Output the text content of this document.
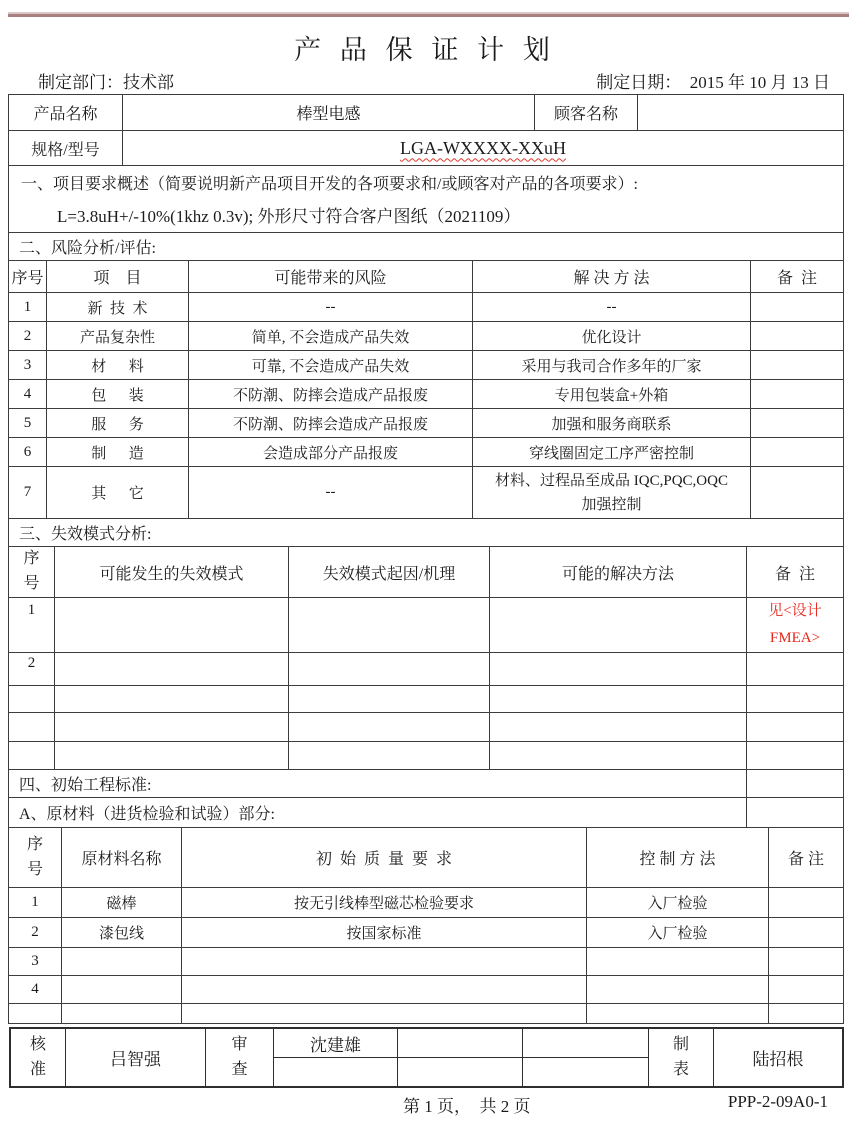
产 品 保 证 计 划
制定部门：技术部	制定日期：  2015 年 10 月 13 日
产品名称	棒型电感	顾客名称	
规格/型号	LGA-WXXXX-XXuH		
一、项目要求概述（简要说明新产品项目开发的各项要求和/或顾客对产品的各项要求）:
L=3.8uH+/-10%(1khz 0.3v); 外形尺寸符合客户图纸（2021109）
二、风险分析/评估:
序号	项    目	可能带来的风险	解 决 方 法	备  注
1	新  技  术	--	--	
2	产品复杂性	简单, 不会造成产品失效	优化设计	
3	材      料	可靠, 不会造成产品失效	采用与我司合作多年的厂家	
4	包      装	不防潮、防摔会造成产品报废	专用包装盒+外箱	
5	服      务	不防潮、防摔会造成产品报废	加强和服务商联系	
6	制      造	会造成部分产品报废	穿线圈固定工序严密控制	
7	其      它	--	材料、过程品至成品 IQC,PQC,OQC
加强控制	

三、失效模式分析:
序号	可能发生的失效模式	失效模式起因/机理	可能的解决方法	备  注
1				见<设计
FMEA>

2				

四、初始工程标准:	
A、原材料（进货检验和试验）部分:	
序号	原材料名称	初  始  质  量  要  求	控 制 方 法	备 注
1	磁棒	按无引线棒型磁芯检验要求	入厂检验	
2	漆包线	按国家标准	入厂检验	
3				
4				

核准	吕智强	审查	沈建雄			制表	陆招根

第 1 页，  共 2 页	PPP-2-09A0-1
